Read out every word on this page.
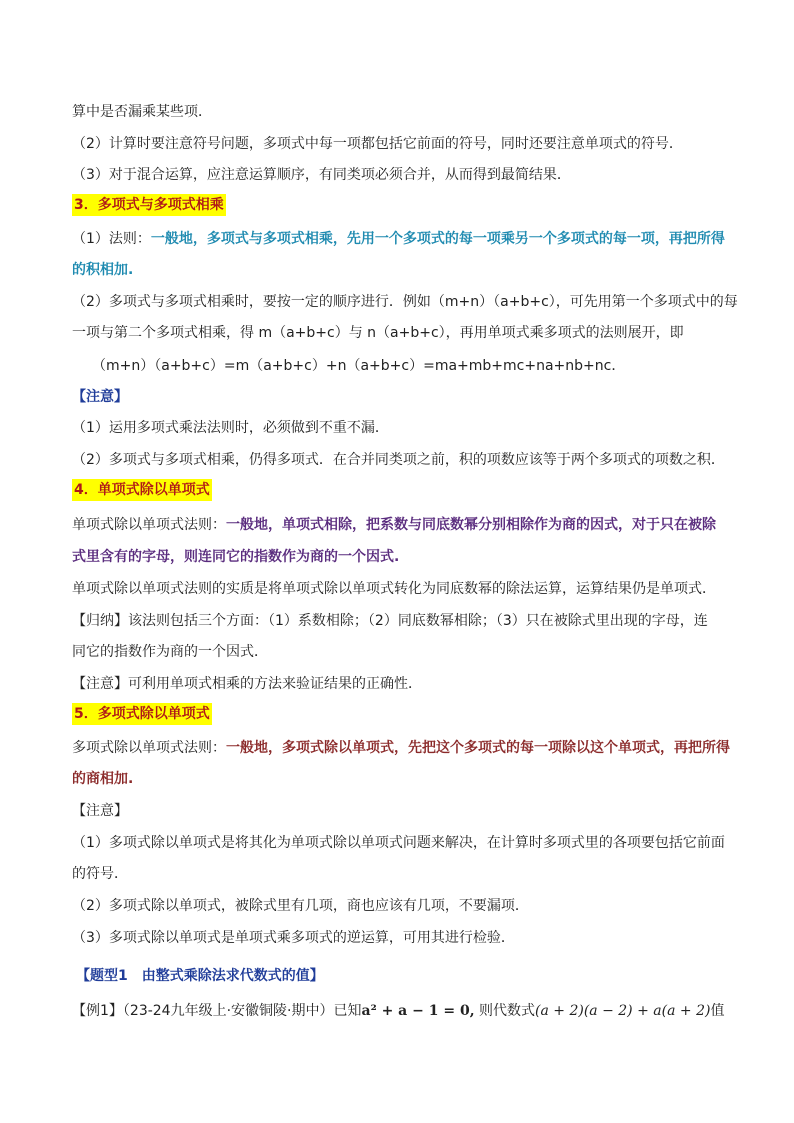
算中是否漏乘某些项．
（2）计算时要注意符号问题，多项式中每一项都包括它前面的符号，同时还要注意单项式的符号．
（3）对于混合运算，应注意运算顺序，有同类项必须合并，从而得到最简结果．
3．多项式与多项式相乘
（1）法则：一般地，多项式与多项式相乘，先用一个多项式的每一项乘另一个多项式的每一项，再把所得
的积相加.
（2）多项式与多项式相乘时，要按一定的顺序进行．例如（m+n）（a+b+c），可先用第一个多项式中的每
一项与第二个多项式相乘，得 m（a+b+c）与 n（a+b+c），再用单项式乘多项式的法则展开，即
（m+n）（a+b+c）=m（a+b+c）+n（a+b+c）=ma+mb+mc+na+nb+nc．
【注意】
（1）运用多项式乘法法则时，必须做到不重不漏．
（2）多项式与多项式相乘，仍得多项式．在合并同类项之前，积的项数应该等于两个多项式的项数之积．
4．单项式除以单项式
单项式除以单项式法则：一般地，单项式相除，把系数与同底数幂分别相除作为商的因式，对于只在被除
式里含有的字母，则连同它的指数作为商的一个因式.
单项式除以单项式法则的实质是将单项式除以单项式转化为同底数幂的除法运算，运算结果仍是单项式．
【归纳】该法则包括三个方面：（1）系数相除；（2）同底数幂相除；（3）只在被除式里出现的字母，连
同它的指数作为商的一个因式．
【注意】可利用单项式相乘的方法来验证结果的正确性．
5．多项式除以单项式
多项式除以单项式法则：一般地，多项式除以单项式，先把这个多项式的每一项除以这个单项式，再把所得
的商相加.
【注意】
（1）多项式除以单项式是将其化为单项式除以单项式问题来解决，在计算时多项式里的各项要包括它前面
的符号．
（2）多项式除以单项式，被除式里有几项，商也应该有几项，不要漏项．
（3）多项式除以单项式是单项式乘多项式的逆运算，可用其进行检验．
【题型1　由整式乘除法求代数式的值】
【例1】（23-24九年级上·安徽铜陵·期中）已知a² + a − 1 = 0, 则代数式(a + 2)(a − 2) + a(a + 2)值
